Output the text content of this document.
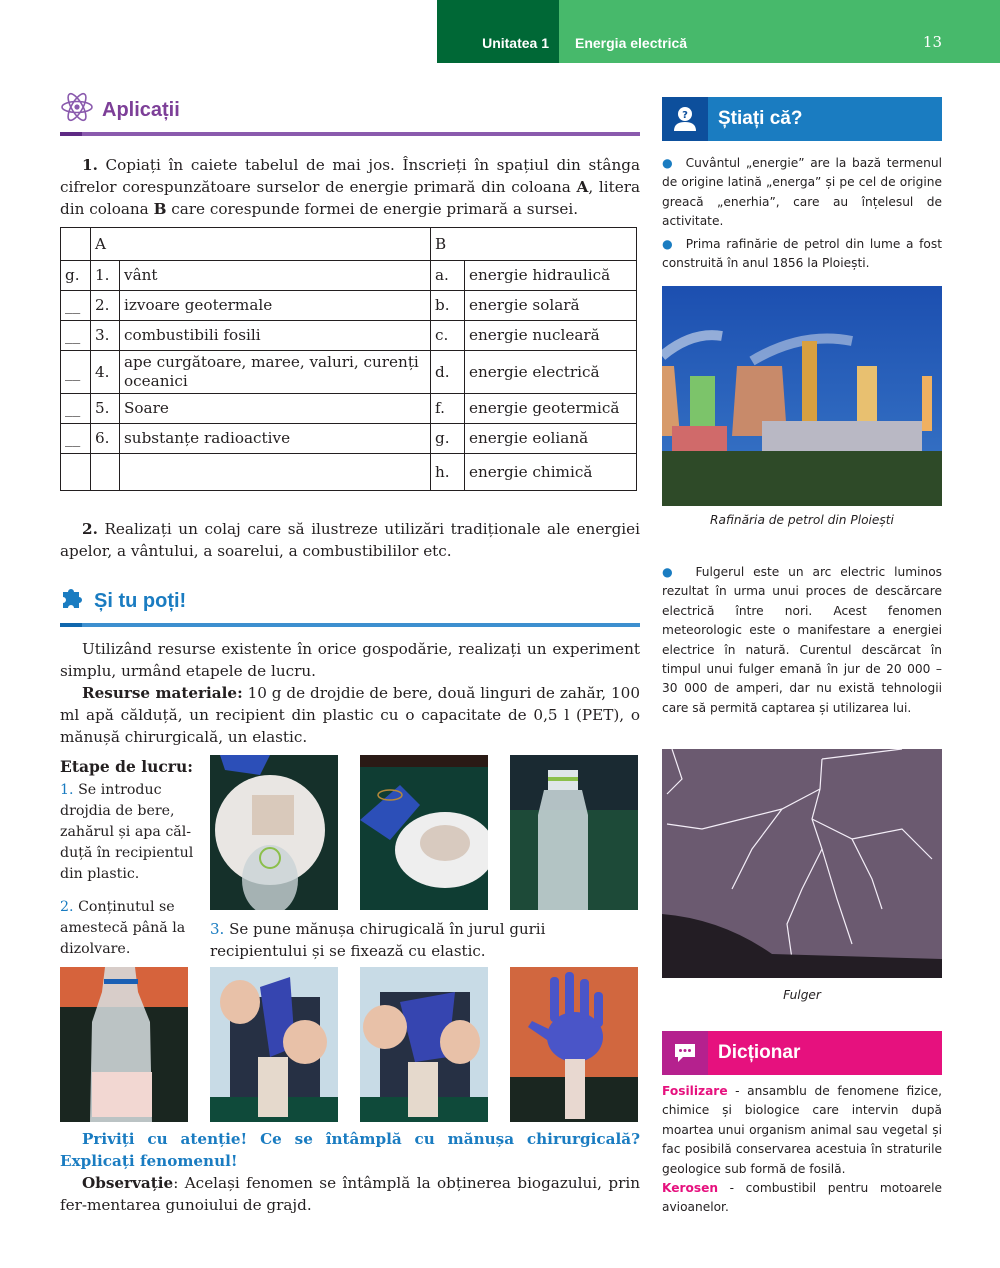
Unitatea 1	Energia electrică	13
Aplicații

1. Copiați în caiete tabelul de mai jos. Înscrieți în spațiul din stânga cifrelor corespunzătoare surselor de energie primară din coloana A, litera din coloana B care corespunde formei de energie primară a sursei.

	A		B	
g.	1.	vânt	a.	energie hidraulică
__	2.	izvoare geotermale	b.	energie solară
__	3.	combustibili fosili	c.	energie nucleară
__	4.	ape curgătoare, maree, valuri, curenți oceanici	d.	energie electrică
__	5.	Soare	f.	energie geotermică
__	6.	substanțe radioactive	g.	energie eoliană
			h.	energie chimică

2. Realizați un colaj care să ilustreze utilizări tradiționale ale energiei apelor, a vântului, a soarelui, a combustibililor etc.

Și tu poți!

Utilizând resurse existente în orice gospodărie, realizați un experiment simplu, urmând etapele de lucru.

Resurse materiale: 10 g de drojdie de bere, două linguri de zahăr, 100 ml apă călduță, un recipient din plastic cu o capacitate de 0,5 l (PET), o mănușă chirurgicală, un elastic.

Etape de lucru:
1. Se introduc drojdia de bere, zahărul și apa căl-duță în recipientul din plastic.
2. Conținutul se amestecă până la dizolvare.
3. Se pune mănușa chirugicală în jurul gurii recipientului și se fixează cu elastic.

Priviți cu atenție! Ce se întâmplă cu mănușa chirurgicală? Explicați fenomenul!

Observație: Același fenomen se întâmplă la obținerea biogazului, prin fer-mentarea gunoiului de grajd.

?	Știați că?
● Cuvântul „energie” are la bază termenul de origine latină „energa” și pe cel de origine greacă „enerhia”, care au înțelesul de activitate.
● Prima rafinărie de petrol din lume a fost construită în anul 1856 la Ploiești.
Rafinăria de petrol din Ploiești
● Fulgerul este un arc electric luminos rezultat în urma unui proces de descărcare electrică între nori. Acest fenomen meteorologic este o manifestare a energiei electrice în natură. Curentul descărcat în timpul unui fulger emană în jur de 20 000 – 30 000 de amperi, dar nu există tehnologii care să permită captarea și utilizarea lui.
Fulger
Dicționar
Fosilizare - ansamblu de fenomene fizice, chimice și biologice care intervin după moartea unui organism animal sau vegetal și fac posibilă conservarea acestuia în straturile geologice sub formă de fosilă.
Kerosen - combustibil pentru motoarele avioanelor.
